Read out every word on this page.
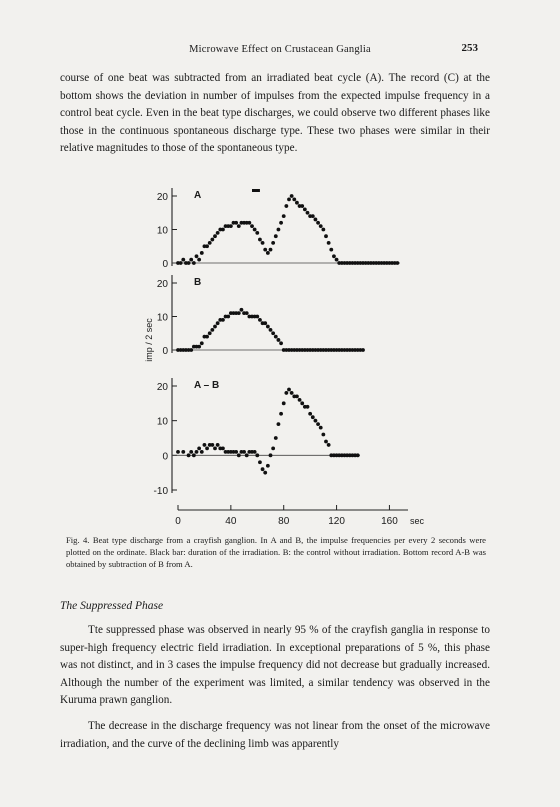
Microwave Effect on Crustacean Ganglia	253
course of one beat was subtracted from an irradiated beat cycle (A). The record (C) at the bottom shows the deviation in number of impulses from the expected impulse frequency in a control beat cycle. Even in the beat type discharges, we could observe two different phases like those in the continuous spontaneous discharge type. These two phases were similar in their relative magnitudes to those of the spontaneous type.
20
10
0
A
20
10
0
B
20
10
0
-10
A – B
imp / 2 sec
0	40	80	120	160 sec
Fig. 4. Beat type discharge from a crayfish ganglion. In A and B, the impulse frequencies per every 2 seconds were plotted on the ordinate. Black bar: duration of the irradiation. B: the control without irradiation. Bottom record A-B was obtained by subtraction of B from A.
The Suppressed Phase
Tte suppressed phase was observed in nearly 95 % of the crayfish ganglia in response to super-high frequency electric field irradiation. In exceptional preparations of 5 %, this phase was not distinct, and in 3 cases the impulse frequency did not decrease but gradually increased. Although the number of the experiment was limited, a similar tendency was observed in the Kuruma prawn ganglion.
The decrease in the discharge frequency was not linear from the onset of the microwave irradiation, and the curve of the declining limb was apparently
